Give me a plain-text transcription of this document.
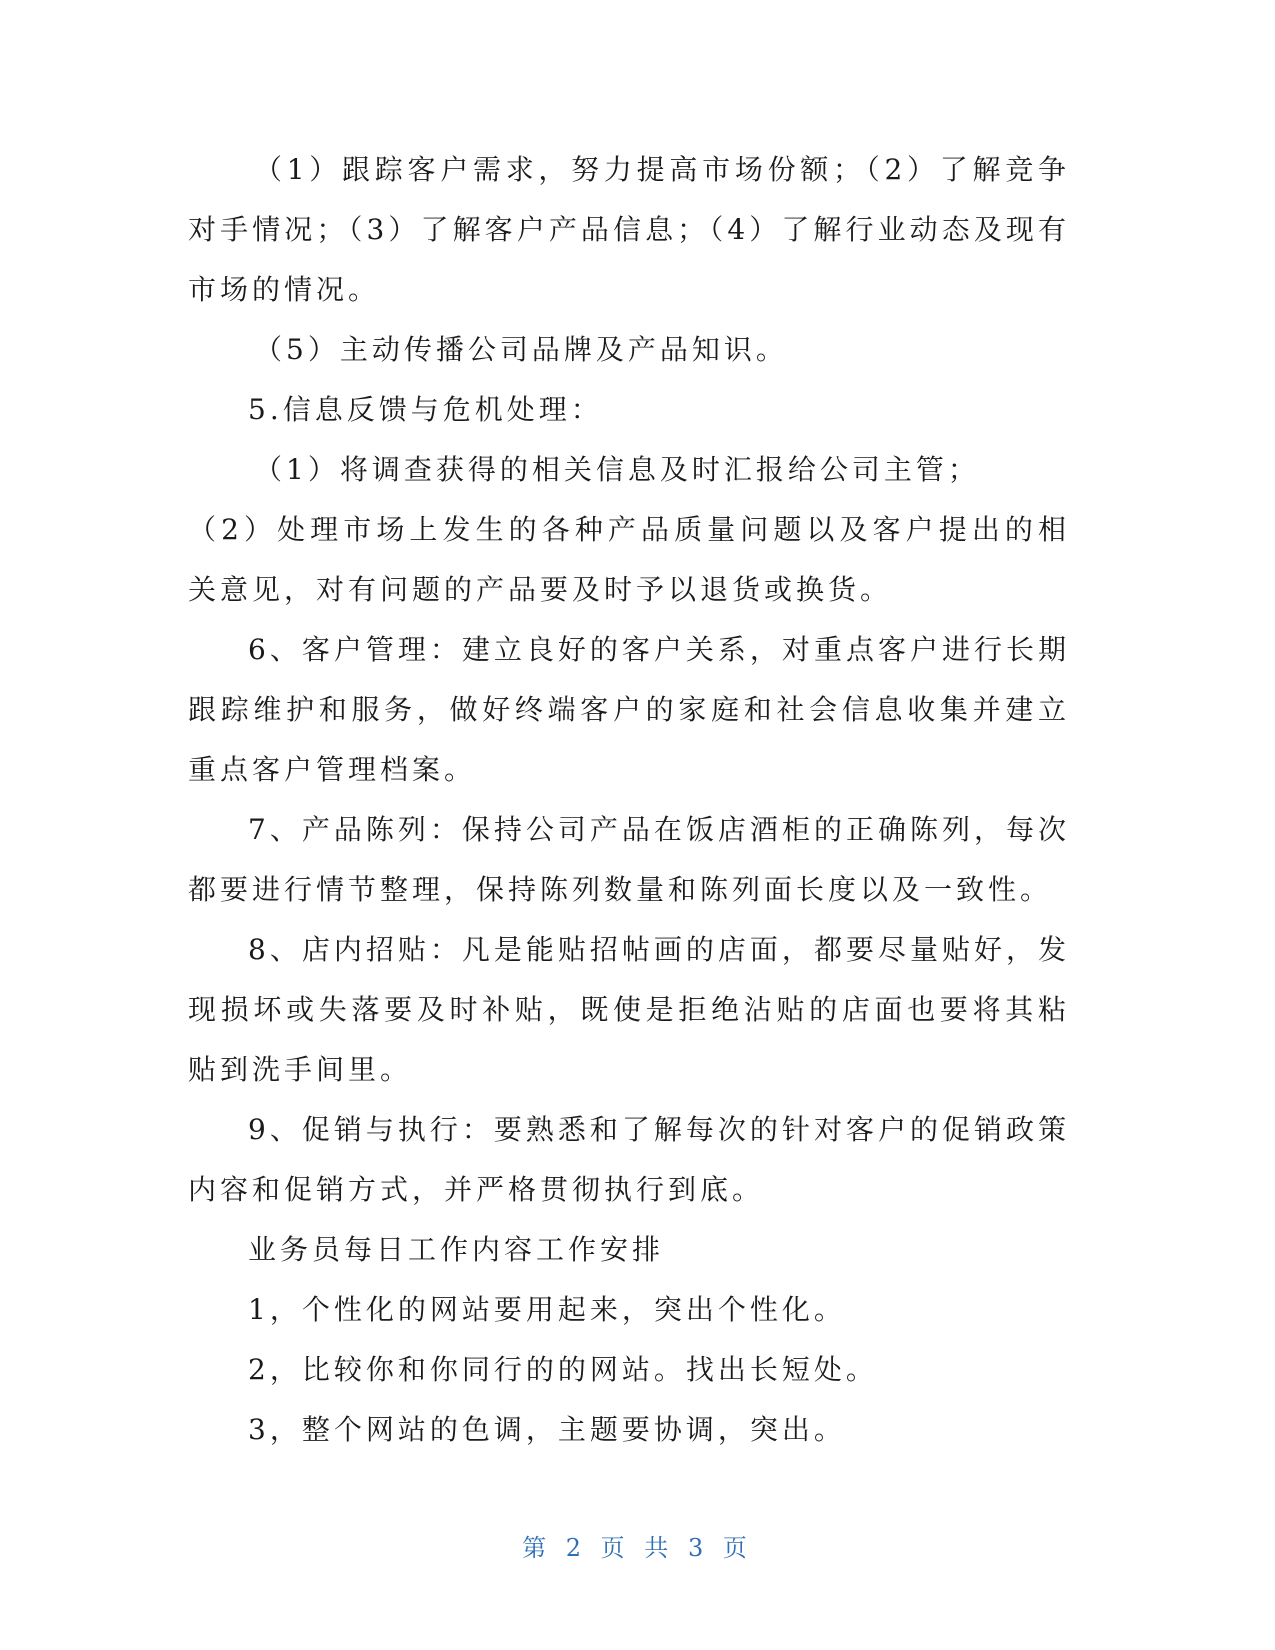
（1）跟踪客户需求，努力提高市场份额；（2）了解竞争对手情况；（3）了解客户产品信息；（4）了解行业动态及现有市场的情况。

（5）主动传播公司品牌及产品知识。

5.信息反馈与危机处理：

（1）将调查获得的相关信息及时汇报给公司主管；

（2）处理市场上发生的各种产品质量问题以及客户提出的相关意见，对有问题的产品要及时予以退货或换货。

6、客户管理：建立良好的客户关系，对重点客户进行长期跟踪维护和服务，做好终端客户的家庭和社会信息收集并建立重点客户管理档案。

7、产品陈列：保持公司产品在饭店酒柜的正确陈列，每次都要进行情节整理，保持陈列数量和陈列面长度以及一致性。

8、店内招贴：凡是能贴招帖画的店面，都要尽量贴好，发现损坏或失落要及时补贴，既使是拒绝沾贴的店面也要将其粘贴到洗手间里。

9、促销与执行：要熟悉和了解每次的针对客户的促销政策内容和促销方式，并严格贯彻执行到底。

业务员每日工作内容工作安排

1，个性化的网站要用起来，突出个性化。

2，比较你和你同行的的网站。找出长短处。

3，整个网站的色调，主题要协调，突出。

第 2 页 共 3 页
